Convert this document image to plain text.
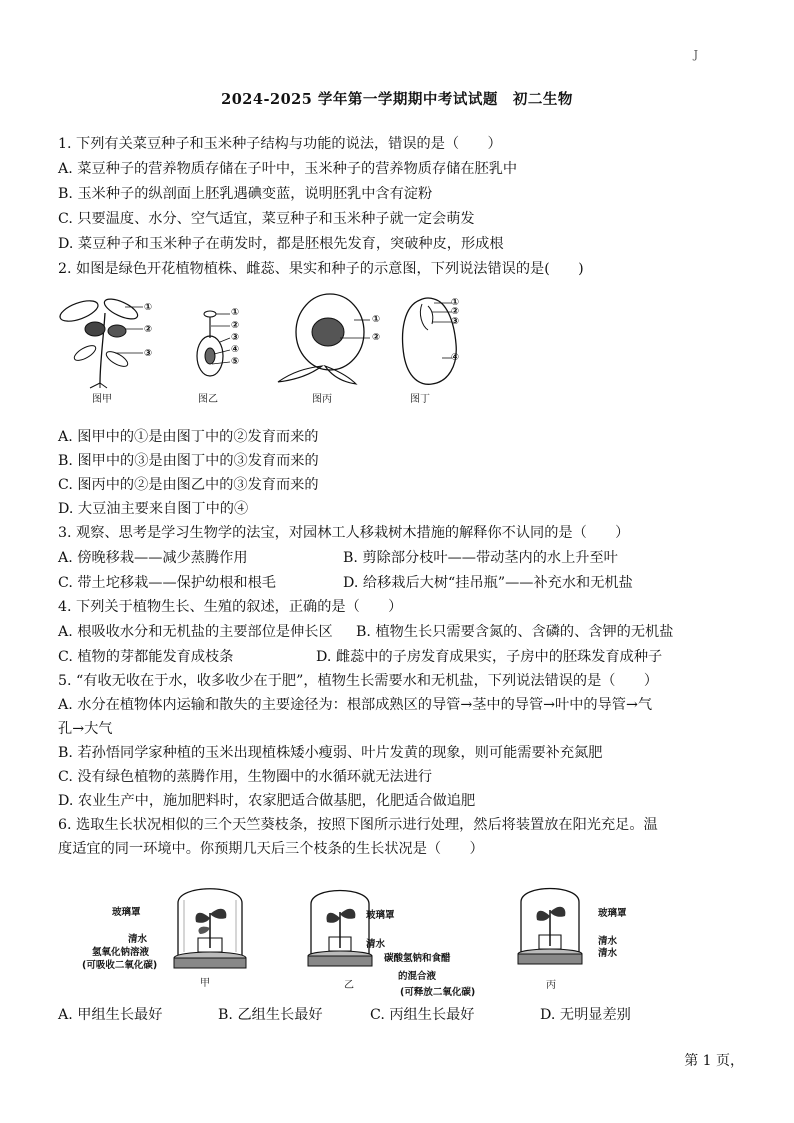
J
2024-2025 学年第一学期期中考试试题　初二生物
1. 下列有关菜豆种子和玉米种子结构与功能的说法，错误的是（　　）
A. 菜豆种子的营养物质存储在子叶中，玉米种子的营养物质存储在胚乳中
B. 玉米种子的纵剖面上胚乳遇碘变蓝，说明胚乳中含有淀粉
C. 只要温度、水分、空气适宜，菜豆种子和玉米种子就一定会萌发
D. 菜豆种子和玉米种子在萌发时，都是胚根先发育，突破种皮，形成根
2. 如图是绿色开花植物植株、雌蕊、果实和种子的示意图，下列说法错误的是(　　)
①
②
③
①
②
③
④
⑤
①
②
①
②
③
④
图甲	图乙	图丙	图丁
A. 图甲中的①是由图丁中的②发育而来的
B. 图甲中的③是由图丁中的③发育而来的
C. 图丙中的②是由图乙中的③发育而来的
D. 大豆油主要来自图丁中的④
3. 观察、思考是学习生物学的法宝，对园林工人移栽树木措施的解释你不认同的是（　　）
A. 傍晚移栽——减少蒸腾作用	B. 剪除部分枝叶——带动茎内的水上升至叶
C. 带土坨移栽——保护幼根和根毛	D. 给移栽后大树“挂吊瓶”——补充水和无机盐
4. 下列关于植物生长、生殖的叙述，正确的是（　　）
A. 根吸收水分和无机盐的主要部位是伸长区 B. 植物生长只需要含氮的、含磷的、含钾的无机盐
C. 植物的芽都能发育成枝条	D. 雌蕊中的子房发育成果实，子房中的胚珠发育成种子
5. “有收无收在于水，收多收少在于肥”，植物生长需要水和无机盐，下列说法错误的是（　　）
A. 水分在植物体内运输和散失的主要途径为：根部成熟区的导管→茎中的导管→叶中的导管→气
孔→大气
B. 若孙悟同学家种植的玉米出现植株矮小瘦弱、叶片发黄的现象，则可能需要补充氮肥
C. 没有绿色植物的蒸腾作用，生物圈中的水循环就无法进行
D. 农业生产中，施加肥料时，农家肥适合做基肥，化肥适合做追肥
6. 选取生长状况相似的三个天竺葵枝条，按照下图所示进行处理，然后将装置放在阳光充足。温
度适宜的同一环境中。你预期几天后三个枝条的生长状况是（　　）
玻璃罩
清水
氢氧化钠溶液
(可吸收二氧化碳)
甲
玻璃罩
清水
碳酸氢钠和食醋
的混合液
(可释放二氧化碳)
乙
玻璃罩
清水
清水
丙
A. 甲组生长最好	B. 乙组生长最好	C. 丙组生长最好	D. 无明显差别
第 1 页，
